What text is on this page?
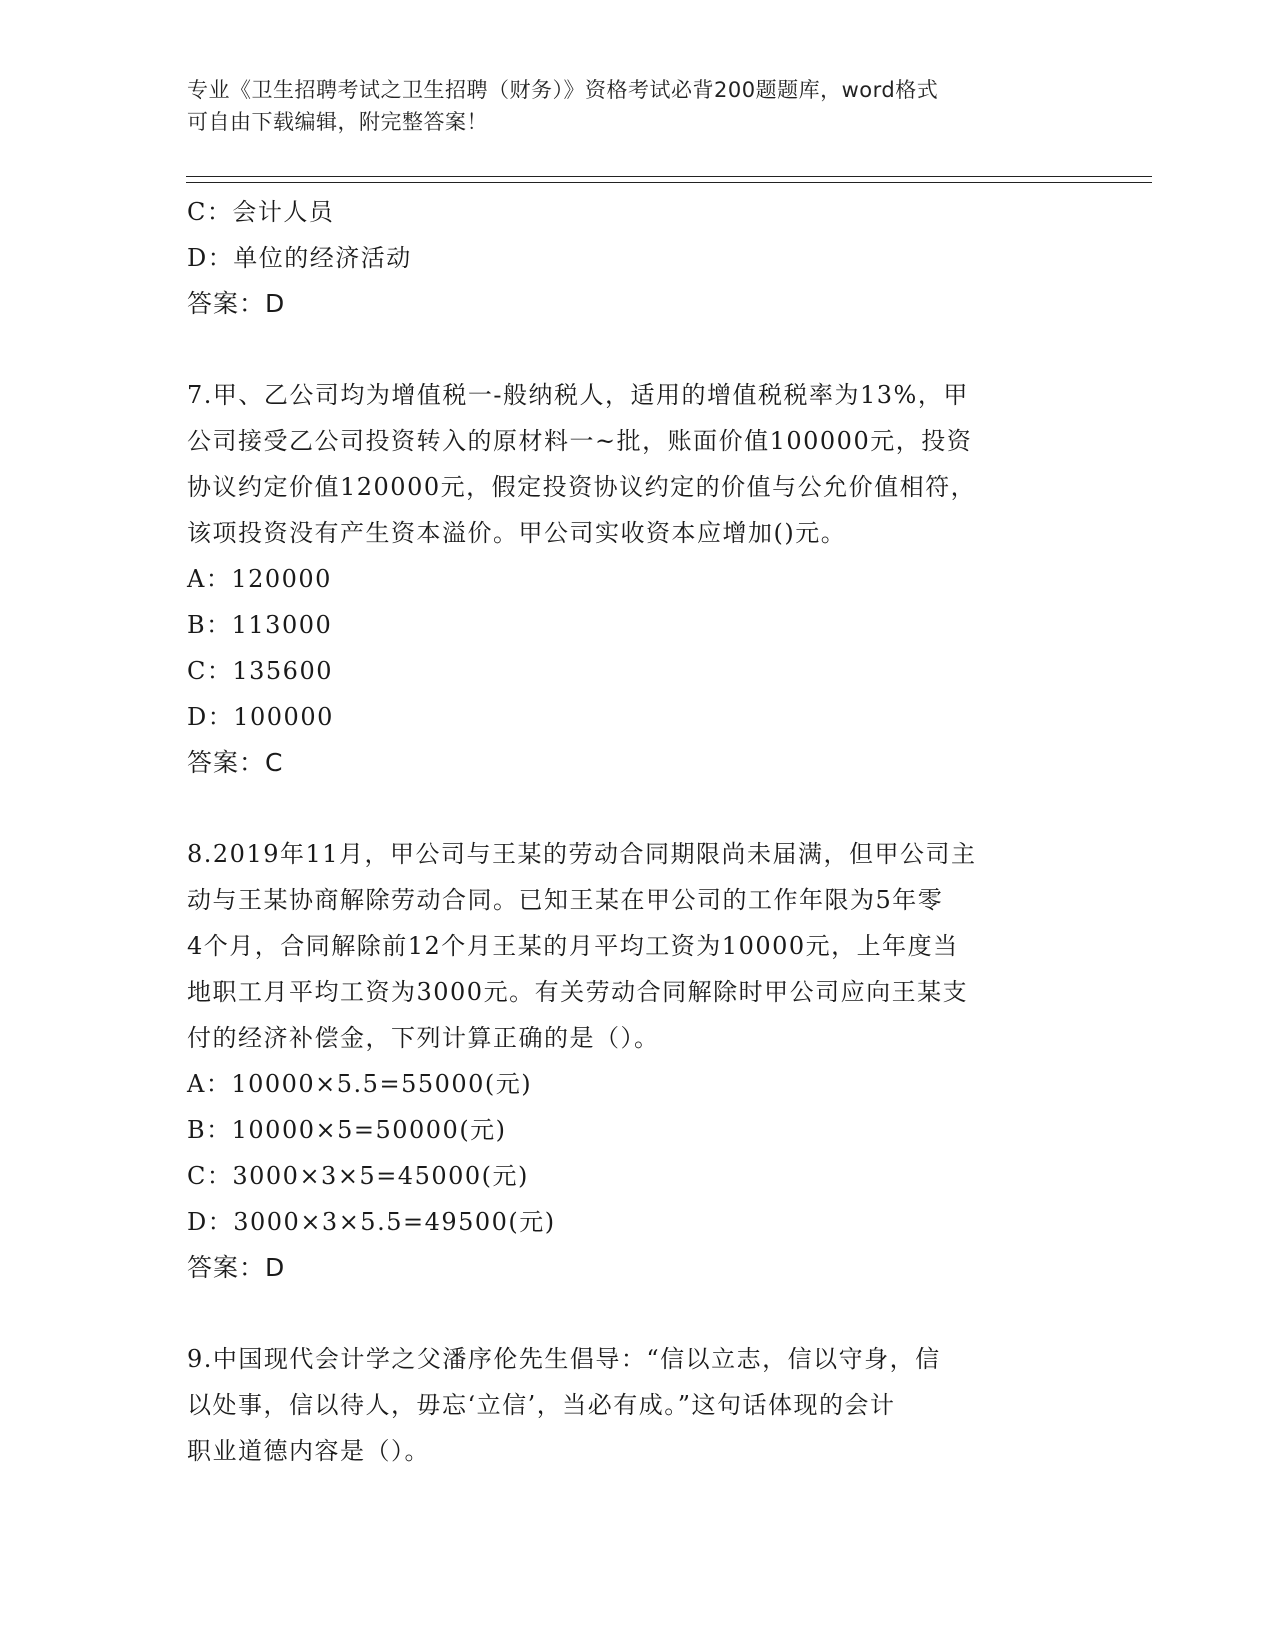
专业《卫生招聘考试之卫生招聘（财务）》资格考试必背200题题库，word格式
可自由下载编辑，附完整答案！
C：会计人员
D：单位的经济活动
答案：D
7.甲、乙公司均为增值税一-般纳税人，适用的增值税税率为13%，甲
公司接受乙公司投资转入的原材料一~批，账面价值100000元，投资
协议约定价值120000元，假定投资协议约定的价值与公允价值相符，
该项投资没有产生资本溢价。甲公司实收资本应增加()元。
A：120000
B：113000
C：135600
D：100000
答案：C
8.2019年11月，甲公司与王某的劳动合同期限尚未届满，但甲公司主
动与王某协商解除劳动合同。已知王某在甲公司的工作年限为5年零
4个月，合同解除前12个月王某的月平均工资为10000元，上年度当
地职工月平均工资为3000元。有关劳动合同解除时甲公司应向王某支
付的经济补偿金，下列计算正确的是（）。
A：10000×5.5=55000(元)
B：10000×5=50000(元)
C：3000×3×5=45000(元)
D：3000×3×5.5=49500(元)
答案：D
9.中国现代会计学之父潘序伦先生倡导：“信以立志，信以守身，信
以处事，信以待人，毋忘‘立信’，当必有成。”这句话体现的会计
职业道德内容是（）。
